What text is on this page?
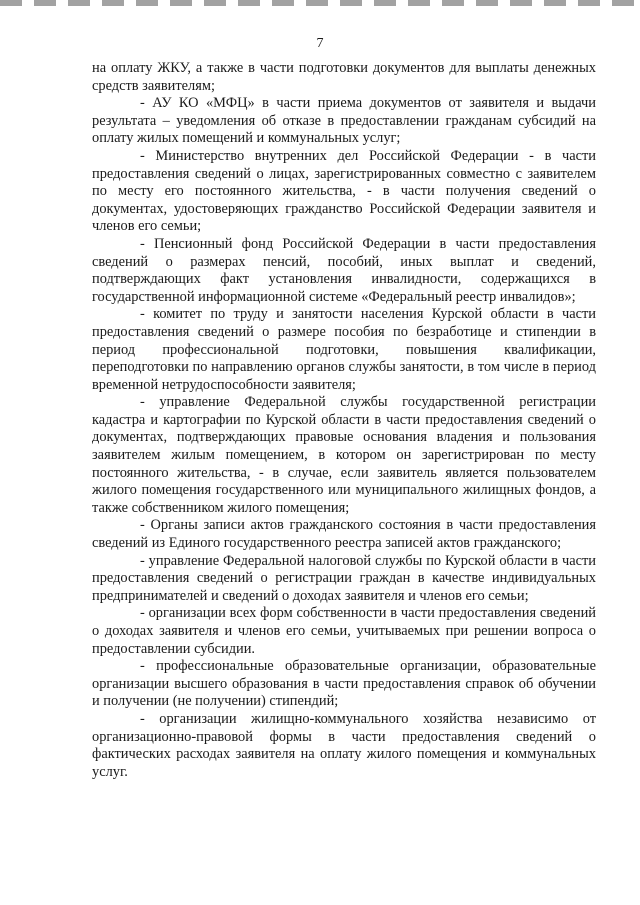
7

на оплату ЖКУ, а также в части подготовки документов для выплаты денежных средств заявителям;

- АУ КО «МФЦ» в части приема документов от заявителя и выдачи результата – уведомления об отказе в предоставлении гражданам субсидий на оплату жилых помещений и коммунальных услуг;

- Министерство внутренних дел Российской Федерации - в части предоставления сведений о лицах, зарегистрированных совместно с заявителем по месту его постоянного жительства, - в части получения сведений о документах, удостоверяющих гражданство Российской Федерации заявителя и членов его семьи;

- Пенсионный фонд Российской Федерации в части предоставления сведений о размерах пенсий, пособий, иных выплат и сведений, подтверждающих факт установления инвалидности, содержащихся в государственной информационной системе «Федеральный реестр инвалидов»;

- комитет по труду и занятости населения Курской области в части предоставления сведений о размере пособия по безработице и стипендии в период профессиональной подготовки, повышения квалификации, переподготовки по направлению органов службы занятости, в том числе в период временной нетрудоспособности заявителя;

- управление Федеральной службы государственной регистрации кадастра и картографии по Курской области в части предоставления сведений о документах, подтверждающих правовые основания владения и пользования заявителем жилым помещением, в котором он зарегистрирован по месту постоянного жительства, - в случае, если заявитель является пользователем жилого помещения государственного или муниципального жилищных фондов, а также собственником жилого помещения;

- Органы записи актов гражданского состояния в части предоставления сведений из Единого государственного реестра записей актов гражданского;

- управление Федеральной налоговой службы по Курской области в части предоставления сведений о регистрации граждан в качестве индивидуальных предпринимателей и сведений о доходах заявителя и членов его семьи;

- организации всех форм собственности в части предоставления сведений о доходах заявителя и членов его семьи, учитываемых при решении вопроса о предоставлении субсидии.

- профессиональные образовательные организации, образовательные организации высшего образования в части предоставления справок об обучении и получении (не получении) стипендий;

- организации жилищно-коммунального хозяйства независимо от организационно-правовой формы в части предоставления сведений о фактических расходах заявителя на оплату жилого помещения и коммунальных услуг.
